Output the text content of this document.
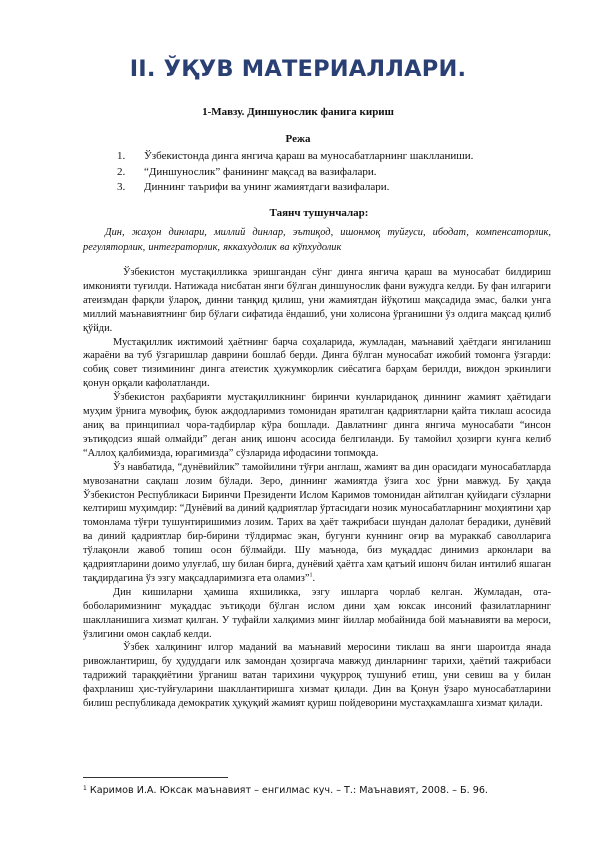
II. ЎҚУВ МАТЕРИАЛЛАРИ.
1-Мавзу. Диншунослик фанига кириш
Режа
1. Ўзбекистонда динга янгича қараш ва муносабатларнинг шаклланиши.
2. “Диншунослик” фанининг мақсад ва вазифалари.
3. Диннинг таърифи ва унинг жамиятдаги вазифалари.
Таянч тушунчалар:
Дин, жаҳон динлари, миллий динлар, эътиқод, ишонмоқ туйғуси, ибодат, компенсаторлик, регуляторлик, интеграторлик, яккахудолик ва кўпхудолик

Ўзбекистон мустақилликка эришгандан сўнг динга янгича қараш ва муносабат билдириш имконияти туғилди. Натижада нисбатан янги бўлган диншунослик фани вужудга келди. Бу фан илгариги атеизмдан фарқли ўлароқ, динни танқид қилиш, уни жамиятдан йўқотиш мақсадида эмас, балки унга миллий маънавиятнинг бир бўлаги сифатида ёндашиб, уни холисона ўрганишни ўз олдига мақсад қилиб қўйди.

Мустақиллик ижтимоий ҳаётнинг барча соҳаларида, жумладан, маънавий ҳаётдаги янгиланиш жараёни ва туб ўзгаришлар даврини бошлаб берди. Динга бўлган муносабат ижобий томонга ўзгарди: собиқ совет тизимининг динга атеистик ҳужумкорлик сиёсатига барҳам берилди, виждон эркинлиги қонун орқали кафолатланди.

Ўзбекистон раҳбарияти мустақилликнинг биринчи кунлариданоқ диннинг жамият ҳаётидаги муҳим ўрнига мувофиқ, буюк аждодларимиз томонидан яратилган қадриятларни қайта тиклаш асосида аниқ ва принципиал чора-тадбирлар кўра бошлади. Давлатнинг динга янгича муносабати “инсон эътиқодсиз яшай олмайди” деган аниқ ишонч асосида белгиланди. Бу тамойил ҳозирги кунга келиб “Аллоҳ қалбимизда, юрагимизда” сўзларида ифодасини топмоқда.

Ўз навбатида, “дунёвийлик” тамойилини тўғри англаш, жамият ва дин орасидаги муносабатларда мувозанатни сақлаш лозим бўлади. Зеро, диннинг жамиятда ўзига хос ўрни мавжуд. Бу ҳақда Ўзбекистон Республикаси Биринчи Президенти Ислом Каримов томонидан айтилган қуйидаги сўзларни келтириш муҳимдир: “Дунёвий ва диний қадриятлар ўртасидаги нозик муносабатларнинг моҳиятини ҳар томонлама тўғри тушунтиришимиз лозим. Тарих ва ҳаёт тажрибаси шундан далолат берадики, дунёвий ва диний қадриятлар бир-бирини тўлдирмас экан, бугунги куннинг оғир ва мураккаб саволларига тўлақонли жавоб топиш осон бўлмайди. Шу маънода, биз муқаддас динимиз арконлари ва қадриятларини доимо улуғлаб, шу билан бирга, дунёвий ҳаётга хам қатъий ишонч билан интилиб яшаган тақдирдагина ўз эзгу мақсадларимизга ета оламиз”$^1$.

Дин кишиларни ҳамиша яхшиликка, эзгу ишларга чорлаб келган. Жумладан, ота-боболаримизнинг муқаддас эътиқоди бўлган ислом дини ҳам юксак инсоний фазилатларнинг шаклланишига хизмат қилган. У туфайли халқимиз минг йиллар мобайнида бой маънавияти ва мероси, ўзлигини омон сақлаб келди.

Ўзбек халқининг илгор маданий ва маънавий меросини тиклаш ва янги шароитда янада ривожлантириш, бу ҳудуддаги илк замондан ҳозиргача мавжуд динларнинг тарихи, ҳаётий тажрибаси тадрижий тараққиётини ўрганиш ватан тарихини чуқурроқ тушуниб етиш, уни севиш ва у билан фахрланиш ҳис-туйғуларини шакллантиришга хизмат қилади. Дин ва Қонун ўзаро муносабатларини билиш республикада демократик ҳуқуқий жамият қуриш пойдеворини мустаҳкамлашга хизмат қилади.

$^1$ Каримов И.А. Юксак маънавият – енгилмас куч. – Т.: Маънавият, 2008. – Б. 96.
